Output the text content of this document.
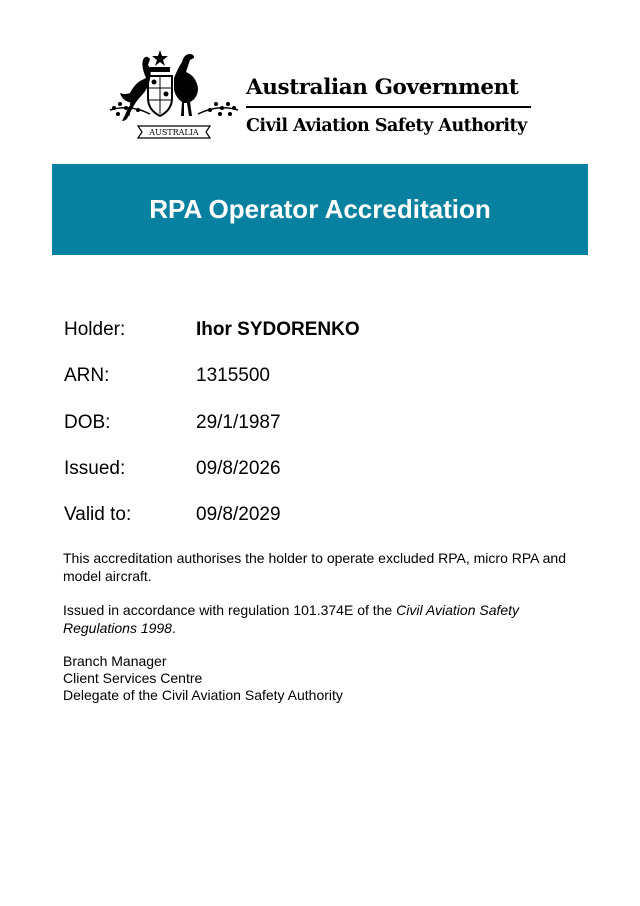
AUSTRALIA
Australian Government
Civil Aviation Safety Authority
RPA Operator Accreditation
Holder:	Ihor SYDORENKO
ARN:	1315500
DOB:	29/1/1987
Issued:	09/8/2026
Valid to:	09/8/2029

This accreditation authorises the holder to operate excluded RPA, micro RPA and model aircraft.

Issued in accordance with regulation 101.374E of the Civil Aviation Safety Regulations 1998.

Branch Manager
Client Services Centre
Delegate of the Civil Aviation Safety Authority
